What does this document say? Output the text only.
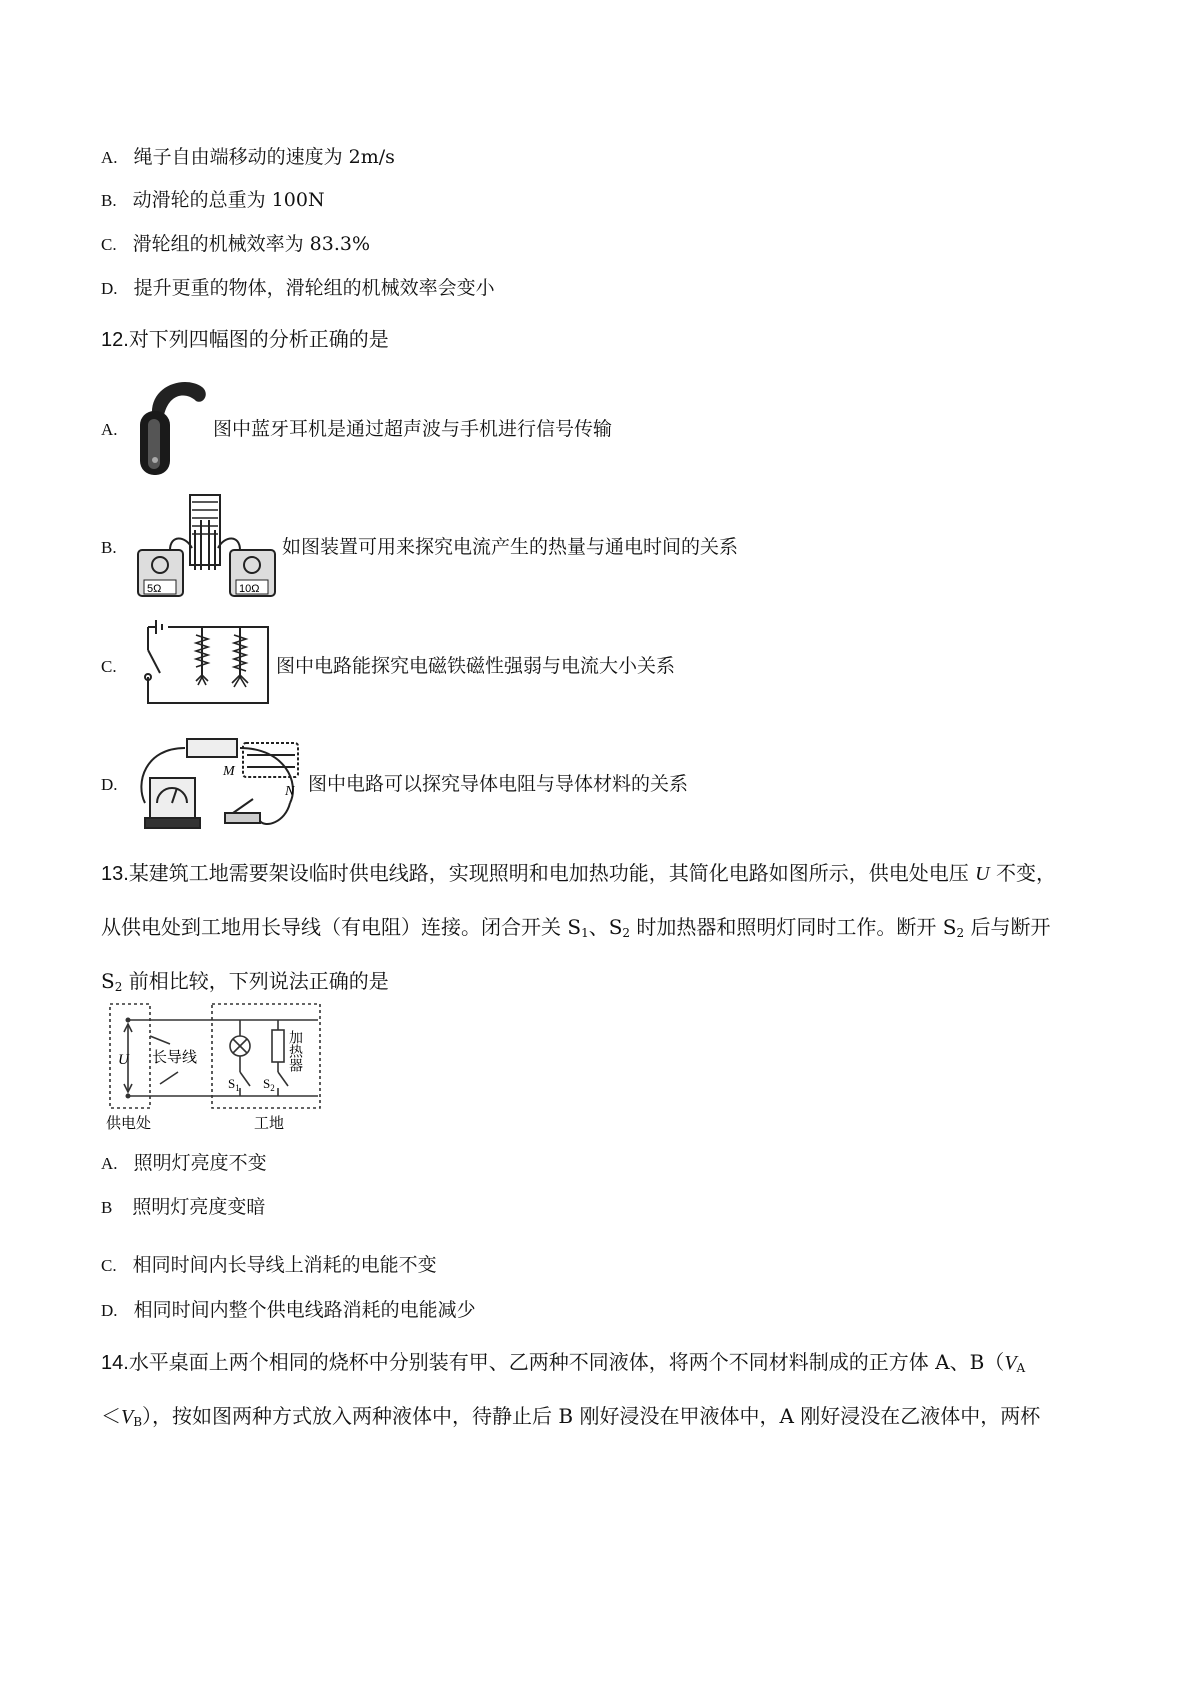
A. 绳子自由端移动的速度为 2m/s
B. 动滑轮的总重为 100N
C. 滑轮组的机械效率为 83.3%
D. 提升更重的物体，滑轮组的机械效率会变小
12.对下列四幅图的分析正确的是
A.	图中蓝牙耳机是通过超声波与手机进行信号传输
B.
5Ω	10Ω
如图装置可用来探究电流产生的热量与通电时间的关系
C.	图中电路能探究电磁铁磁性强弱与电流大小关系
D.
M
N 图中电路可以探究导体电阻与导体材料的关系
13.某建筑工地需要架设临时供电线路，实现照明和电加热功能，其简化电路如图所示，供电处电压 U 不变，
从供电处到工地用长导线（有电阻）连接。闭合开关 $S_1$、$S_2$ 时加热器和照明灯同时工作。断开 $S_2$ 后与断开
$S_2$ 前相比较，下列说法正确的是
U 长导线
$S_1$ $S_2$
加热器
供电处	工地
A. 照明灯亮度不变
B 照明灯亮度变暗
C. 相同时间内长导线上消耗的电能不变
D. 相同时间内整个供电线路消耗的电能减少
14.水平桌面上两个相同的烧杯中分别装有甲、乙两种不同液体，将两个不同材料制成的正方体 A、$B(V_A$
$<V_B$），按如图两种方式放入两种液体中，待静止后 B 刚好浸没在甲液体中，A 刚好浸没在乙液体中，两杯
